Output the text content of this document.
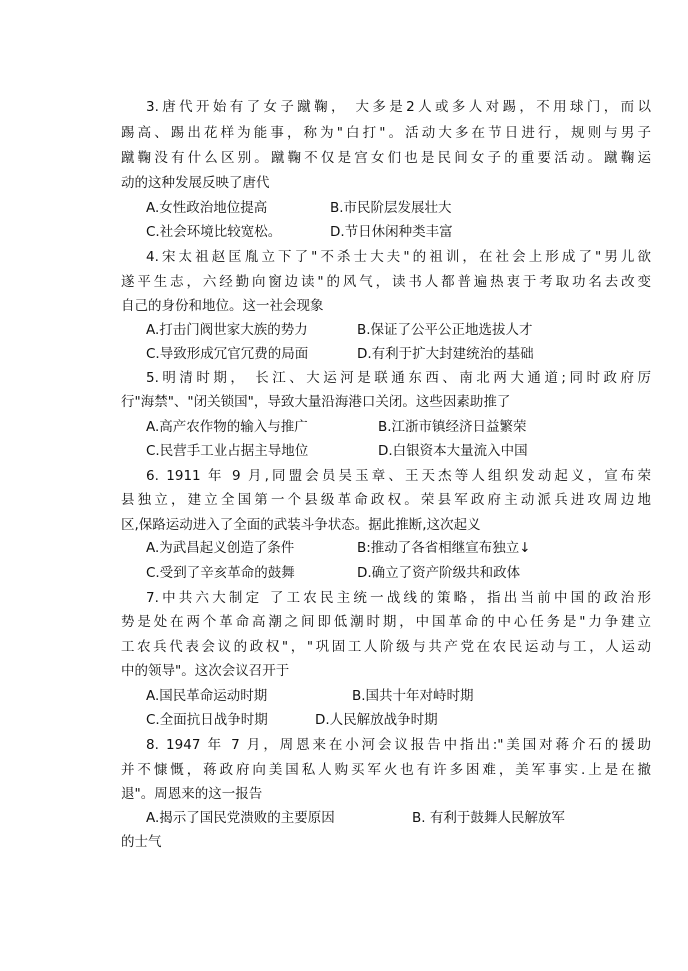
3.唐代开始有了女子蹴鞠， 大多是2人或多人对踢，不用球门，而以
踢高、踢出花样为能事，称为"白打"。活动大多在节日进行，规则与男子
蹴鞠没有什么区别。蹴鞠不仅是宫女们也是民间女子的重要活动。蹴鞠运
动的这种发展反映了唐代
A.女性政治地位提高	B.市民阶层发展壮大
C.社会环境比较宽松。	D.节日休闲种类丰富
4.宋太祖赵匡胤立下了"不杀士大夫"的祖训，在社会上形成了"男儿欲
遂平生志，六经勤向窗边读"的风气，读书人都普遍热衷于考取功名去改变
自己的身份和地位。这一社会现象
A.打击门阀世家大族的势力	B.保证了公平公正地选拔人才
C.导致形成冗官冗费的局面	D.有利于扩大封建统治的基础
5.明清时期， 长江、大运河是联通东西、南北两大通道;同时政府厉
行"海禁"、"闭关锁国"，导致大量沿海港口关闭。这些因素助推了
A.高产农作物的输入与推广	B.江浙市镇经济日益繁荣
C.民营手工业占据主导地位	D.白银资本大量流入中国
6. 1911 年 9 月,同盟会员吴玉章、王天杰等人组织发动起义，宣布荣
县独立，建立全国第一个县级革命政权。荣县军政府主动派兵进攻周边地
区,保路运动进入了全面的武装斗争状态。据此推断,这次起义
A.为武昌起义创造了条件	B:推动了各省相继宣布独立↓
C.受到了辛亥革命的鼓舞	D.确立了资产阶级共和政体
7.中共六大制定 了工农民主统一战线的策略，指出当前中国的政治形
势是处在两个革命高潮之间即低潮时期，中国革命的中心任务是"力争建立
工农兵代表会议的政权"，"巩固工人阶级与共产党在农民运动与工，人运动
中的领导"。这次会议召开于
A.国民革命运动时期	B.国共十年对峙时期
C.全面抗日战争时期	D.人民解放战争时期
8. 1947 年 7 月，周恩来在小河会议报告中指出:"美国对蒋介石的援助
并不慷慨，蒋政府向美国私人购买军火也有许多困难，美军事实.上是在撤
退"。周恩来的这一报告
A.揭示了国民党溃败的主要原因	B. 有利于鼓舞人民解放军
的士气
